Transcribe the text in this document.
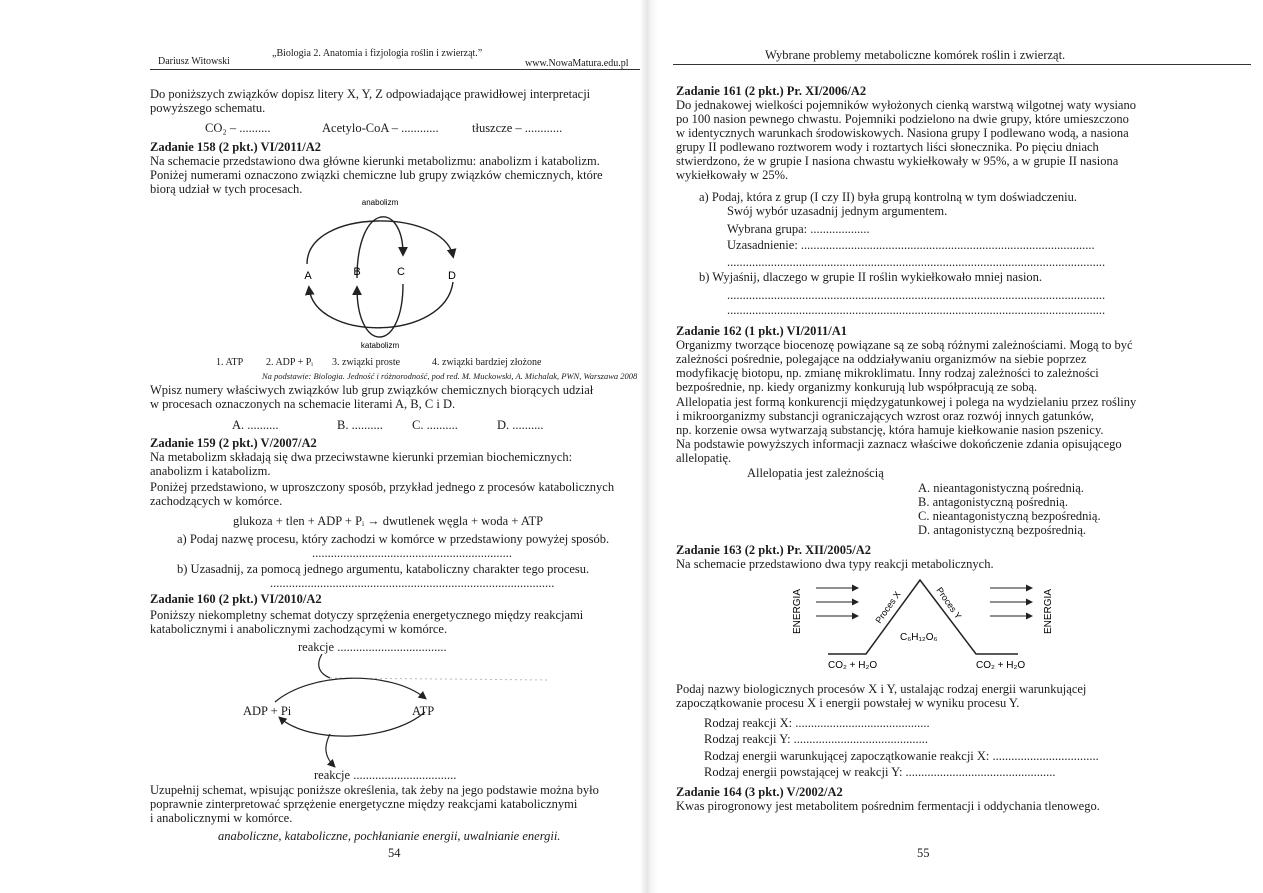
Dariusz Witowski
„Biologia 2. Anatomia i fizjologia roślin i zwierząt.”
www.NowaMatura.edu.pl
Do poniższych związków dopisz litery X, Y, Z odpowiadające prawidłowej interpretacji
powyższego schematu.
CO₂ – ..........	Acetylo-CoA – ............	tłuszcze – ............
Zadanie 158 (2 pkt.) VI/2011/A2
Na schemacie przedstawiono dwa główne kierunki metabolizmu: anabolizm i katabolizm.
Poniżej numerami oznaczono związki chemiczne lub grupy związków chemicznych, które
biorą udział w tych procesach.
anabolizm
A	B	C	D
katabolizm
1. ATP 2. ADP + Pᵢ 3. związki proste	4. związki bardziej złożone
Na podstawie: Biologia. Jedność i różnorodność, pod red. M. Muckowski, A. Michalak, PWN, Warszawa 2008
Wpisz numery właściwych związków lub grup związków chemicznych biorących udział
w procesach oznaczonych na schemacie literami A, B, C i D.
A. ..........	B. .......... C. ..........	D. ..........
Zadanie 159 (2 pkt.) V/2007/A2
Na metabolizm składają się dwa przeciwstawne kierunki przemian biochemicznych:
anabolizm i katabolizm.
Poniżej przedstawiono, w uproszczony sposób, przykład jednego z procesów katabolicznych
zachodzących w komórce.
glukoza + tlen + ADP + Pᵢ → dwutlenek węgla + woda + ATP
a) Podaj nazwę procesu, który zachodzi w komórce w przedstawiony powyżej sposób.
................................................................
b) Uzasadnij, za pomocą jednego argumentu, kataboliczny charakter tego procesu.
...........................................................................................
Zadanie 160 (2 pkt.) VI/2010/A2
Poniższy niekompletny schemat dotyczy sprzężenia energetycznego między reakcjami
katabolicznymi i anabolicznymi zachodzącymi w komórce.
reakcje ...................................
ADP + Pi	ATP
reakcje .................................
Uzupełnij schemat, wpisując poniższe określenia, tak żeby na jego podstawie można było
poprawnie zinterpretować sprzężenie energetyczne między reakcjami katabolicznymi
i anabolicznymi w komórce.
anaboliczne, kataboliczne, pochłanianie energii, uwalnianie energii.
54
Wybrane problemy metaboliczne komórek roślin i zwierząt.
Zadanie 161 (2 pkt.) Pr. XI/2006/A2
Do jednakowej wielkości pojemników wyłożonych cienką warstwą wilgotnej waty wysiano
po 100 nasion pewnego chwastu. Pojemniki podzielono na dwie grupy, które umieszczono
w identycznych warunkach środowiskowych. Nasiona grupy I podlewano wodą, a nasiona
grupy II podlewano roztworem wody i roztartych liści słonecznika. Po pięciu dniach
stwierdzono, że w grupie I nasiona chwastu wykiełkowały w 95%, a w grupie II nasiona
wykiełkowały w 25%.
a) Podaj, która z grup (I czy II) była grupą kontrolną w tym doświadczeniu.
Swój wybór uzasadnij jednym argumentem.
Wybrana grupa: ...................
Uzasadnienie: ..............................................................................................
.........................................................................................................................
b) Wyjaśnij, dlaczego w grupie II roślin wykiełkowało mniej nasion.
.........................................................................................................................
.........................................................................................................................
Zadanie 162 (1 pkt.) VI/2011/A1
Organizmy tworzące biocenozę powiązane są ze sobą różnymi zależnościami. Mogą to być
zależności pośrednie, polegające na oddziaływaniu organizmów na siebie poprzez
modyfikację biotopu, np. zmianę mikroklimatu. Inny rodzaj zależności to zależności
bezpośrednie, np. kiedy organizmy konkurują lub współpracują ze sobą.
Allelopatia jest formą konkurencji międzygatunkowej i polega na wydzielaniu przez rośliny
i mikroorganizmy substancji ograniczających wzrost oraz rozwój innych gatunków,
np. korzenie owsa wytwarzają substancję, która hamuje kiełkowanie nasion pszenicy.
Na podstawie powyższych informacji zaznacz właściwe dokończenie zdania opisującego
allelopatię.
Allelopatia jest zależnością
A. nieantagonistyczną pośrednią.
B. antagonistyczną pośrednią.
C. nieantagonistyczną bezpośrednią.
D. antagonistyczną bezpośrednią.
Zadanie 163 (2 pkt.) Pr. XII/2005/A2
Na schemacie przedstawiono dwa typy reakcji metabolicznych.
ENERGIA	ENERGIA
Proces X	Proces Y
C₆H₁₂O₆
CO₂ + H₂O	CO₂ + H₂O
Podaj nazwy biologicznych procesów X i Y, ustalając rodzaj energii warunkującej
zapoczątkowanie procesu X i energii powstałej w wyniku procesu Y.
Rodzaj reakcji X: ...........................................
Rodzaj reakcji Y: ...........................................
Rodzaj energii warunkującej zapoczątkowanie reakcji X: ..................................
Rodzaj energii powstającej w reakcji Y: ................................................
Zadanie 164 (3 pkt.) V/2002/A2
Kwas pirogronowy jest metabolitem pośrednim fermentacji i oddychania tlenowego.
55
